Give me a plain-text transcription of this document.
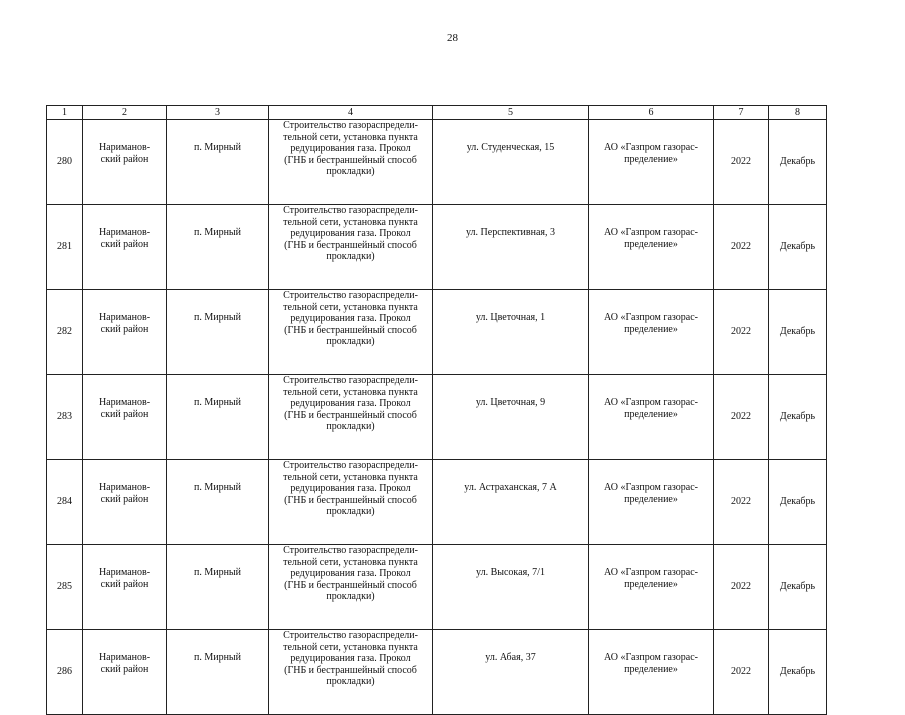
28
1	2	3	4	5	6	7	8

280	Нариманов-
ский район	п. Мирный	Строительство газораспредели-
тельной сети, установка пункта
редуцирования газа. Прокол
(ГНБ и бестраншейный способ
прокладки)	ул. Студенческая, 15	АО «Газпром газорас-
пределение»	2022	Декабрь

281	Нариманов-
ский район	п. Мирный	Строительство газораспредели-
тельной сети, установка пункта
редуцирования газа. Прокол
(ГНБ и бестраншейный способ
прокладки)	ул. Перспективная, 3	АО «Газпром газорас-
пределение»	2022	Декабрь

282	Нариманов-
ский район	п. Мирный	Строительство газораспредели-
тельной сети, установка пункта
редуцирования газа. Прокол
(ГНБ и бестраншейный способ
прокладки)	ул. Цветочная, 1	АО «Газпром газорас-
пределение»	2022	Декабрь

283	Нариманов-
ский район	п. Мирный	Строительство газораспредели-
тельной сети, установка пункта
редуцирования газа. Прокол
(ГНБ и бестраншейный способ
прокладки)	ул. Цветочная, 9	АО «Газпром газорас-
пределение»	2022	Декабрь

284	Нариманов-
ский район	п. Мирный	Строительство газораспредели-
тельной сети, установка пункта
редуцирования газа. Прокол
(ГНБ и бестраншейный способ
прокладки)	ул. Астраханская, 7 А	АО «Газпром газорас-
пределение»	2022	Декабрь

285	Нариманов-
ский район	п. Мирный	Строительство газораспредели-
тельной сети, установка пункта
редуцирования газа. Прокол
(ГНБ и бестраншейный способ
прокладки)	ул. Высокая, 7/1	АО «Газпром газорас-
пределение»	2022	Декабрь

286	Нариманов-
ский район	п. Мирный	Строительство газораспредели-
тельной сети, установка пункта
редуцирования газа. Прокол
(ГНБ и бестраншейный способ
прокладки)	ул. Абая, 37	АО «Газпром газорас-
пределение»	2022	Декабрь
